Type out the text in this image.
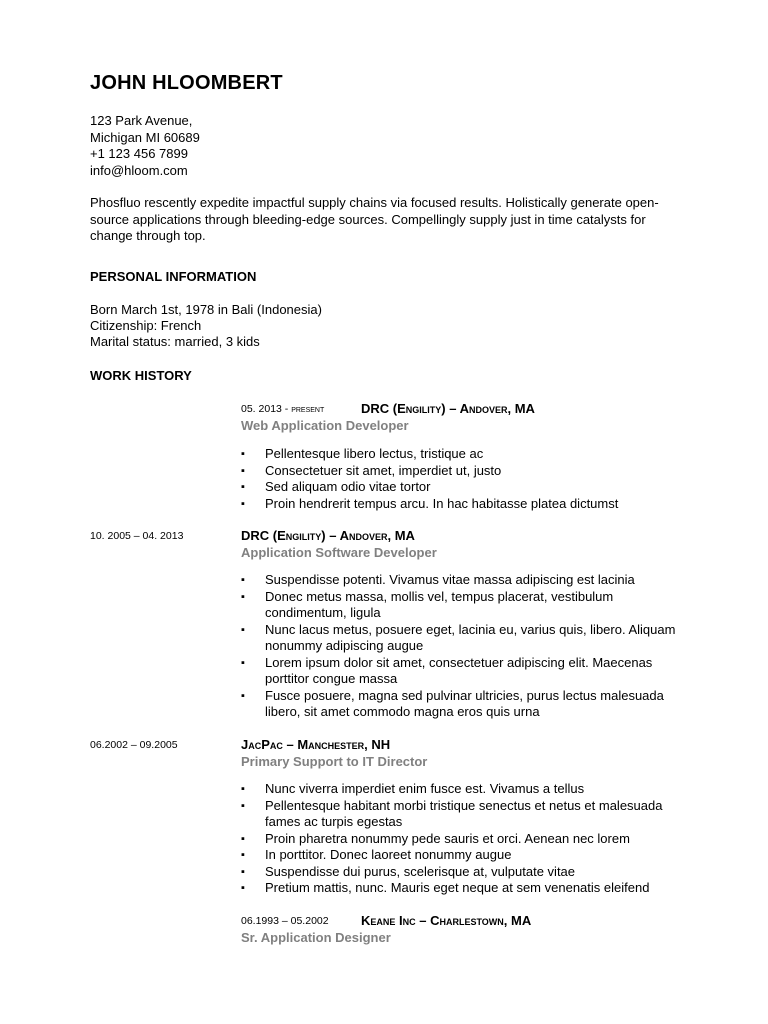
JOHN HLOOMBERT
123 Park Avenue,
Michigan MI 60689
+1 123 456 7899
info@hloom.com
Phosfluo rescently expedite impactful supply chains via focused results. Holistically generate open-source applications through bleeding-edge sources. Compellingly supply just in time catalysts for change through top.
PERSONAL INFORMATION
Born March 1st, 1978 in Bali (Indonesia)
Citizenship: French
Marital status: married, 3 kids
WORK HISTORY
05. 2013 - present	DRC (Engility) – Andover, MA
Web Application Developer
▪ Pellentesque libero lectus, tristique ac
▪ Consectetuer sit amet, imperdiet ut, justo
▪ Sed aliquam odio vitae tortor
▪ Proin hendrerit tempus arcu. In hac habitasse platea dictumst
10. 2005 – 04. 2013	DRC (Engility) – Andover, MA
Application Software Developer
▪ Suspendisse potenti. Vivamus vitae massa adipiscing est lacinia
▪ Donec metus massa, mollis vel, tempus placerat, vestibulum condimentum, ligula
▪ Nunc lacus metus, posuere eget, lacinia eu, varius quis, libero. Aliquam nonummy adipiscing augue
▪ Lorem ipsum dolor sit amet, consectetuer adipiscing elit. Maecenas porttitor congue massa
▪ Fusce posuere, magna sed pulvinar ultricies, purus lectus malesuada libero, sit amet commodo magna eros quis urna
06.2002 – 09.2005	JacPac – Manchester, NH
Primary Support to IT Director
▪ Nunc viverra imperdiet enim fusce est. Vivamus a tellus
▪ Pellentesque habitant morbi tristique senectus et netus et malesuada fames ac turpis egestas
▪ Proin pharetra nonummy pede sauris et orci. Aenean nec lorem
▪ In porttitor. Donec laoreet nonummy augue
▪ Suspendisse dui purus, scelerisque at, vulputate vitae
▪ Pretium mattis, nunc. Mauris eget neque at sem venenatis eleifend
06.1993 – 05.2002 Keane Inc – Charlestown, MA
Sr. Application Designer
